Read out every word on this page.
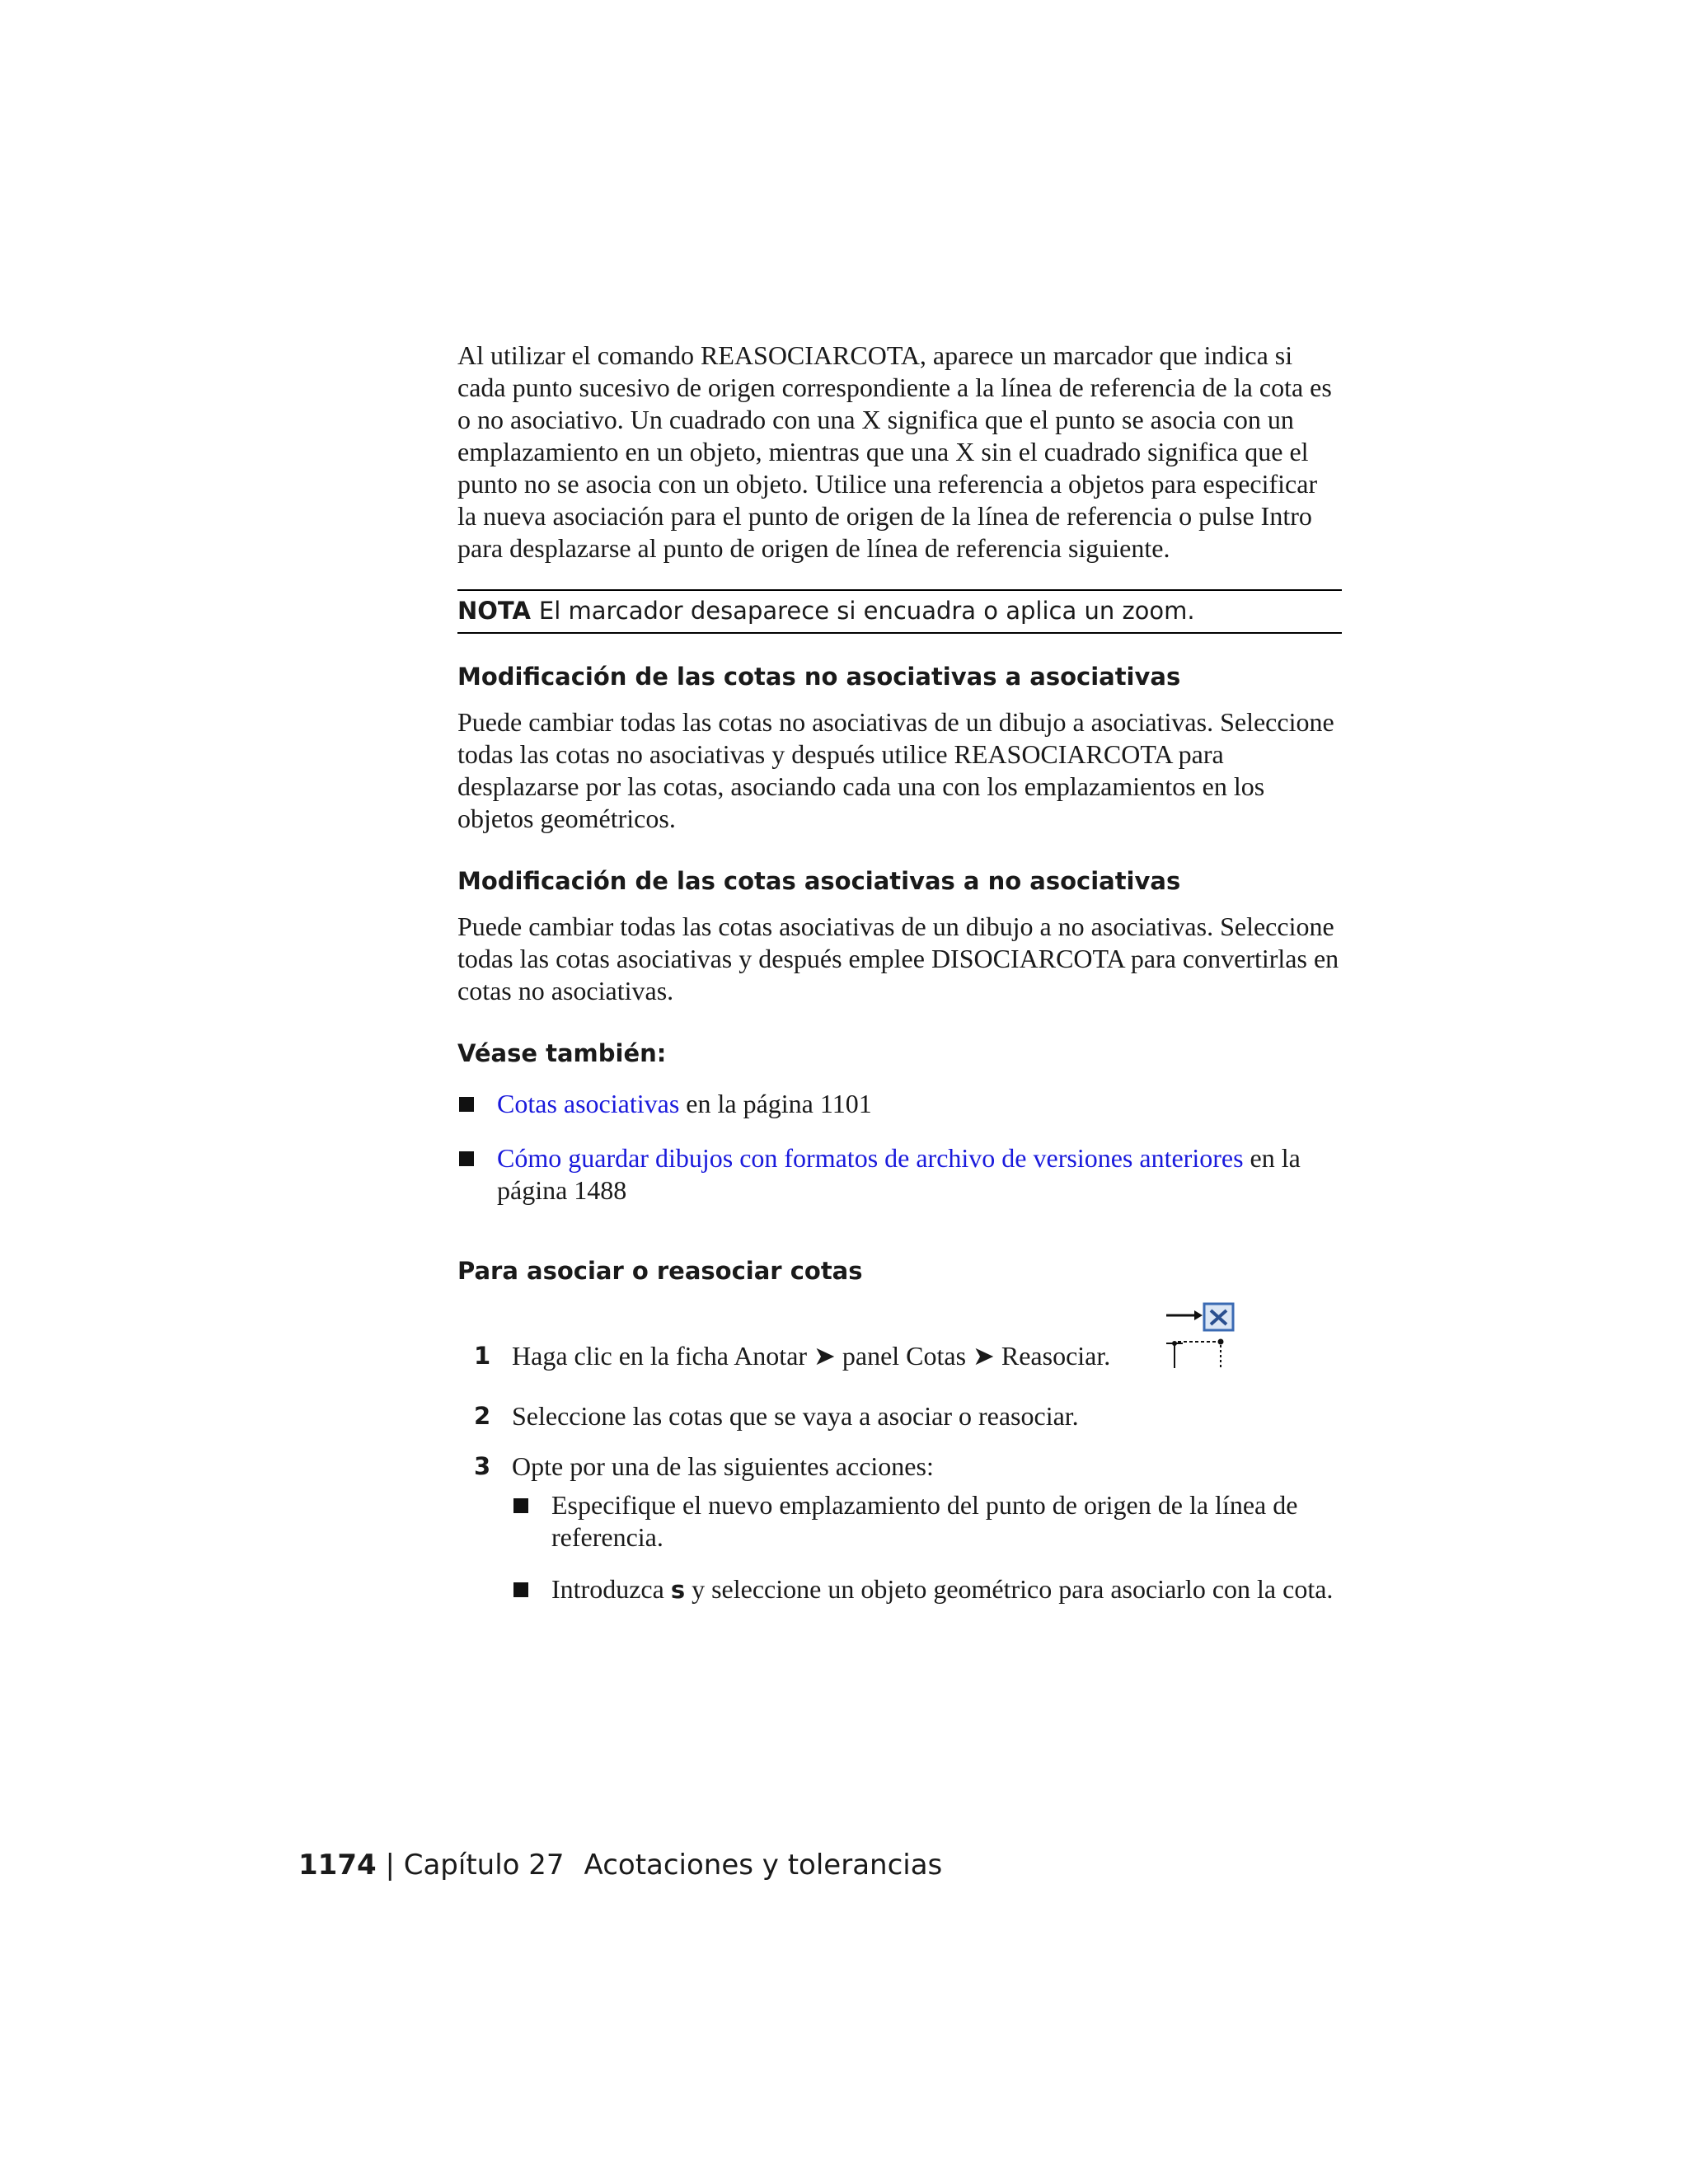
Al utilizar el comando REASOCIARCOTA, aparece un marcador que indica si cada punto sucesivo de origen correspondiente a la línea de referencia de la cota es o no asociativo. Un cuadrado con una X significa que el punto se asocia con un emplazamiento en un objeto, mientras que una X sin el cuadrado significa que el punto no se asocia con un objeto. Utilice una referencia a objetos para especificar la nueva asociación para el punto de origen de la línea de referencia o pulse Intro para desplazarse al punto de origen de línea de referencia siguiente.

NOTA El marcador desaparece si encuadra o aplica un zoom.
Modificación de las cotas no asociativas a asociativas

Puede cambiar todas las cotas no asociativas de un dibujo a asociativas. Seleccione todas las cotas no asociativas y después utilice REASOCIARCOTA para desplazarse por las cotas, asociando cada una con los emplazamientos en los objetos geométricos.

Modificación de las cotas asociativas a no asociativas

Puede cambiar todas las cotas asociativas de un dibujo a no asociativas. Seleccione todas las cotas asociativas y después emplee DISOCIARCOTA para convertirlas en cotas no asociativas.

Véase también:
Cotas asociativas en la página 1101
Cómo guardar dibujos con formatos de archivo de versiones anteriores en la página 1488
Para asociar o reasociar cotas
1 Haga clic en la ficha Anotar ➤ panel Cotas ➤ Reasociar.
2 Seleccione las cotas que se vaya a asociar o reasociar.
3 Opte por una de las siguientes acciones:
Especifique el nuevo emplazamiento del punto de origen de la línea de referencia.
Introduzca s y seleccione un objeto geométrico para asociarlo con la cota.
1174 | Capítulo 27 Acotaciones y tolerancias
